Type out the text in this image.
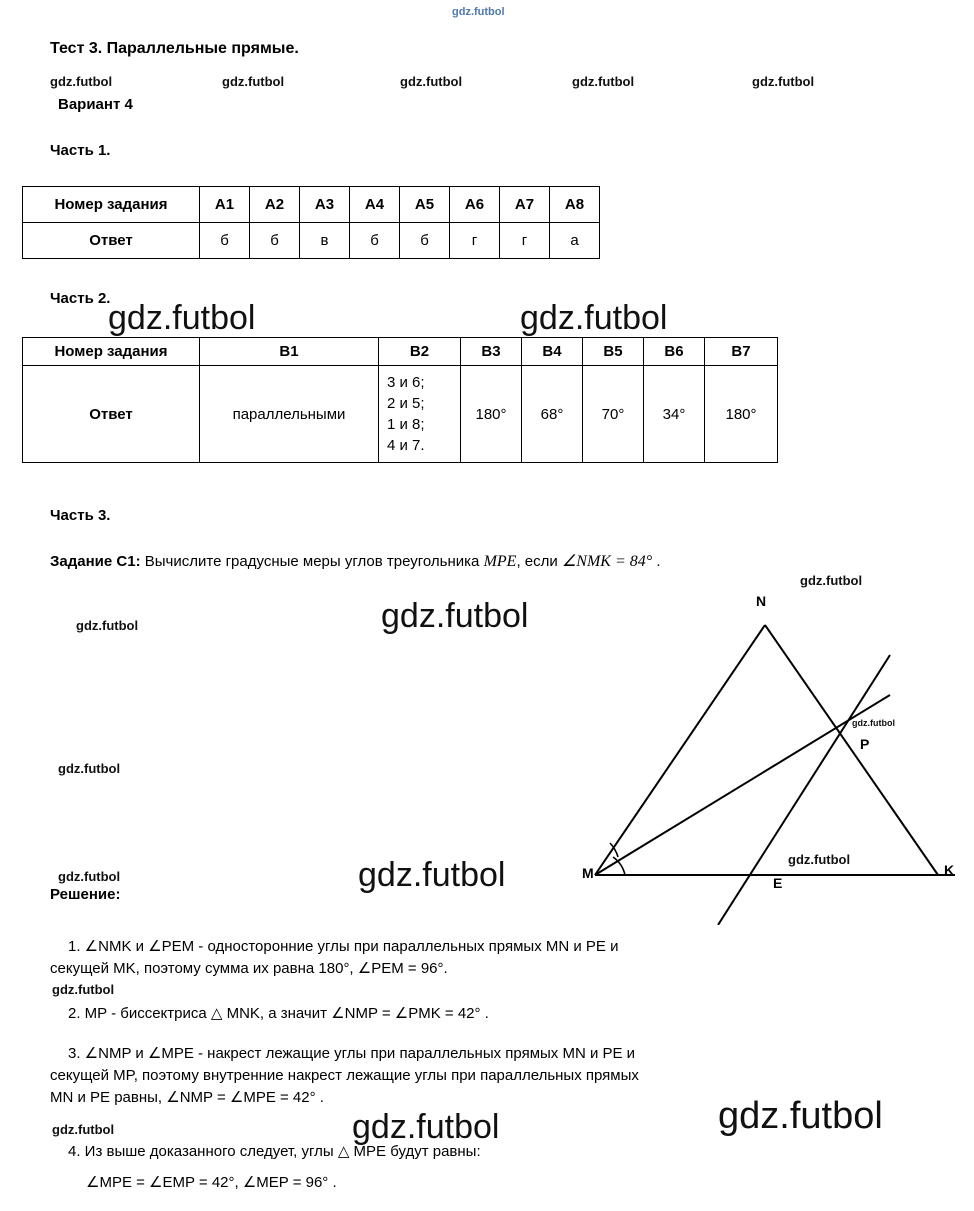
gdz.futbol
Тест 3. Параллельные прямые.
gdz.futbol	gdz.futbol	gdz.futbol	gdz.futbol	gdz.futbol
Вариант 4
Часть 1.
Номер задания	А1	А2	А3	А4	А5	А6	А7	А8
Ответ	б	б	в	б	б	г	г	а
Часть 2.
gdz.futbol	gdz.futbol
Номер задания	В1	В2	В3	В4	В5	В6	В7
Ответ	параллельными	3 и 6;
2 и 5;
1 и 8;
4 и 7.	180°	68°	70°	34°	180°
Часть 3.
Задание С1: Вычислите градусные меры углов треугольника MPE, если ∠NMK = 84° .
gdz.futbol
gdz.futbol
gdz.futbol
gdz.futbol
gdz.futbol	gdz.futbol	gdz.futbol
N
P
M
E
K
gdz.futbol
Решение:
1. ∠NMK и ∠PEM - односторонние углы при параллельных прямых MN и PE и
секущей MK, поэтому сумма их равна 180°, ∠PEM = 96°.
gdz.futbol
2. MP - биссектриса △ MNK, а значит ∠NMP = ∠PMK = 42° .
3. ∠NMP и ∠MPE - накрест лежащие углы при параллельных прямых MN и PE и
секущей MP, поэтому внутренние накрест лежащие углы при параллельных прямых
MN и PE равны, ∠NMP = ∠MPE = 42° .
gdz.futbol	gdz.futbol	gdz.futbol
4. Из выше доказанного следует, углы △ MPE будут равны:
∠MPE = ∠EMP = 42°, ∠MEP = 96° .
